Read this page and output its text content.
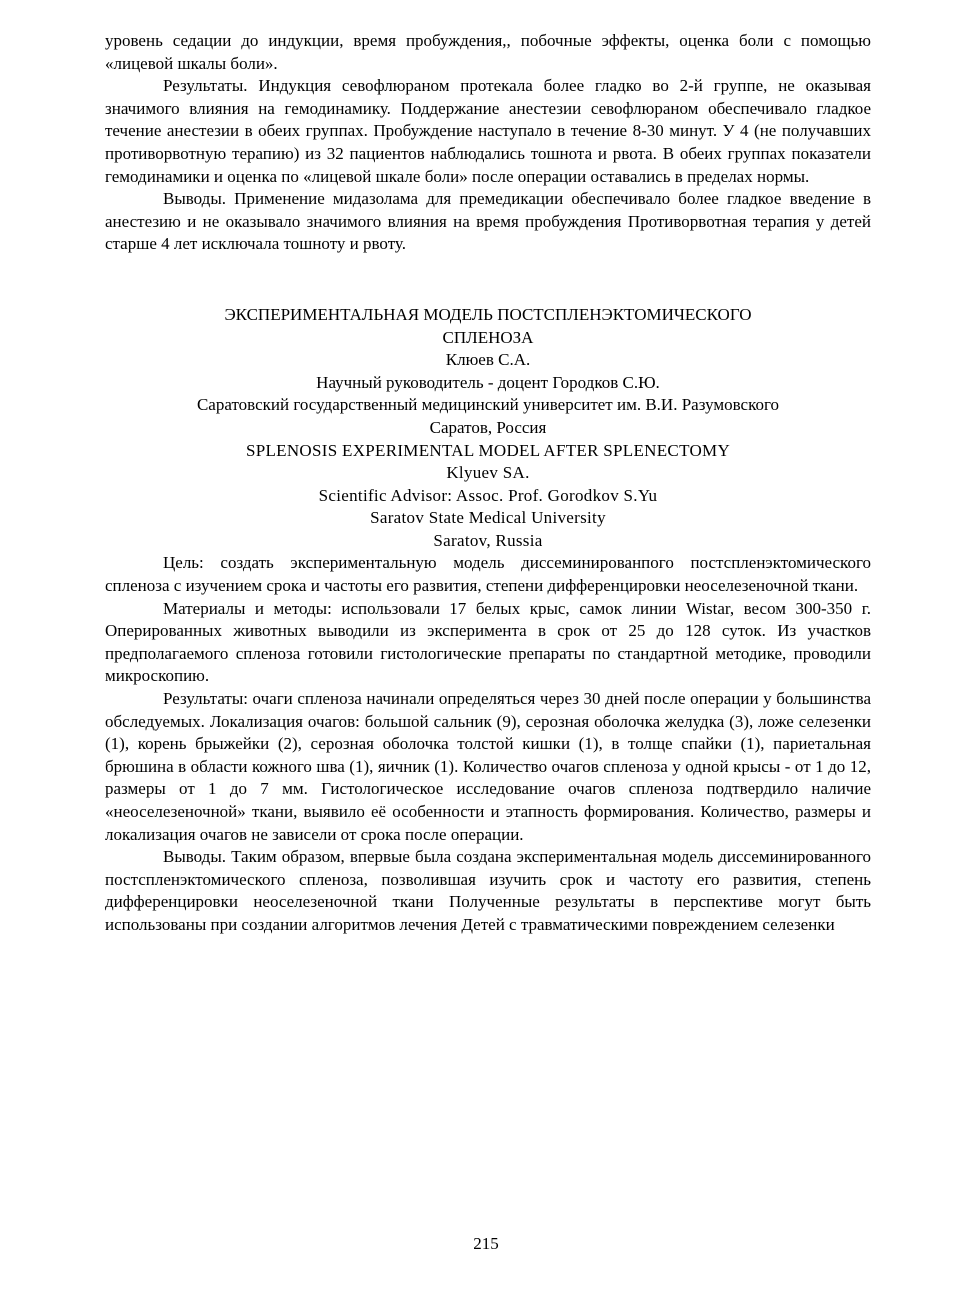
уровень седации до индукции, время пробуждения,, побочные эффекты, оценка боли с помощью «лицевой шкалы боли».

Результаты. Индукция севофлюраном протекала более гладко во 2-й группе, не оказывая значимого влияния на гемодинамику. Поддержание анестезии севофлюраном обеспечивало гладкое течение анестезии в обеих группах. Пробуждение наступало в течение 8-30 минут. У 4 (не получавших противорвотную терапию) из 32 пациентов наблюдались тошнота и рвота. В обеих группах показатели гемодинамики и оценка по «лицевой шкале боли» после операции оставались в пределах нормы.

Выводы. Применение мидазолама для премедикации обеспечивало более гладкое введение в анестезию и не оказывало значимого влияния на время пробуждения Противорвотная терапия у детей старше 4 лет исключала тошноту и рвоту.

ЭКСПЕРИМЕНТАЛЬНАЯ МОДЕЛЬ ПОСТСПЛЕНЭКТОМИЧЕСКОГО
СПЛЕНОЗА
Клюев С.А.
Научный руководитель - доцент Городков С.Ю.
Саратовский государственный медицинский университет им. В.И. Разумовского
Саратов, Россия
SPLENOSIS EXPERIMENTAL MODEL AFTER SPLENECTOMY
Klyuev SA.
Scientific Advisor: Assoc. Prof. Gorodkov S.Yu
Saratov State Medical University
Saratov, Russia

Цель: создать экспериментальную модель диссеминированпого постспленэктомического спленоза с изучением срока и частоты его развития, степени дифференцировки неоселезеночной ткани.

Материалы и методы: использовали 17 белых крыс, самок линии Wistar, весом 300-350 г. Оперированных животных выводили из эксперимента в срок от 25 до 128 суток. Из участков предполагаемого спленоза готовили гистологические препараты по стандартной методике, проводили микроскопию.

Результаты: очаги спленоза начинали определяться через 30 дней после операции у большинства обследуемых. Локализация очагов: большой сальник (9), серозная оболочка желудка (3), ложе селезенки (1), корень брыжейки (2), серозная оболочка толстой кишки (1), в толще спайки (1), париетальная брюшина в области кожного шва (1), яичник (1). Количество очагов спленоза у одной крысы - от 1 до 12, размеры от 1 до 7 мм. Гистологическое исследование очагов спленоза подтвердило наличие «неоселезеночной» ткани, выявило её особенности и этапность формирования. Количество, размеры и локализация очагов не зависели от срока после операции.

Выводы. Таким образом, впервые была создана экспериментальная модель диссеминированного постспленэктомического спленоза, позволившая изучить срок и частоту его развития, степень дифференцировки неоселезеночной ткани Полученные результаты в перспективе могут быть использованы при создании алгоритмов лечения Детей с травматическими повреждением селезенки

215
